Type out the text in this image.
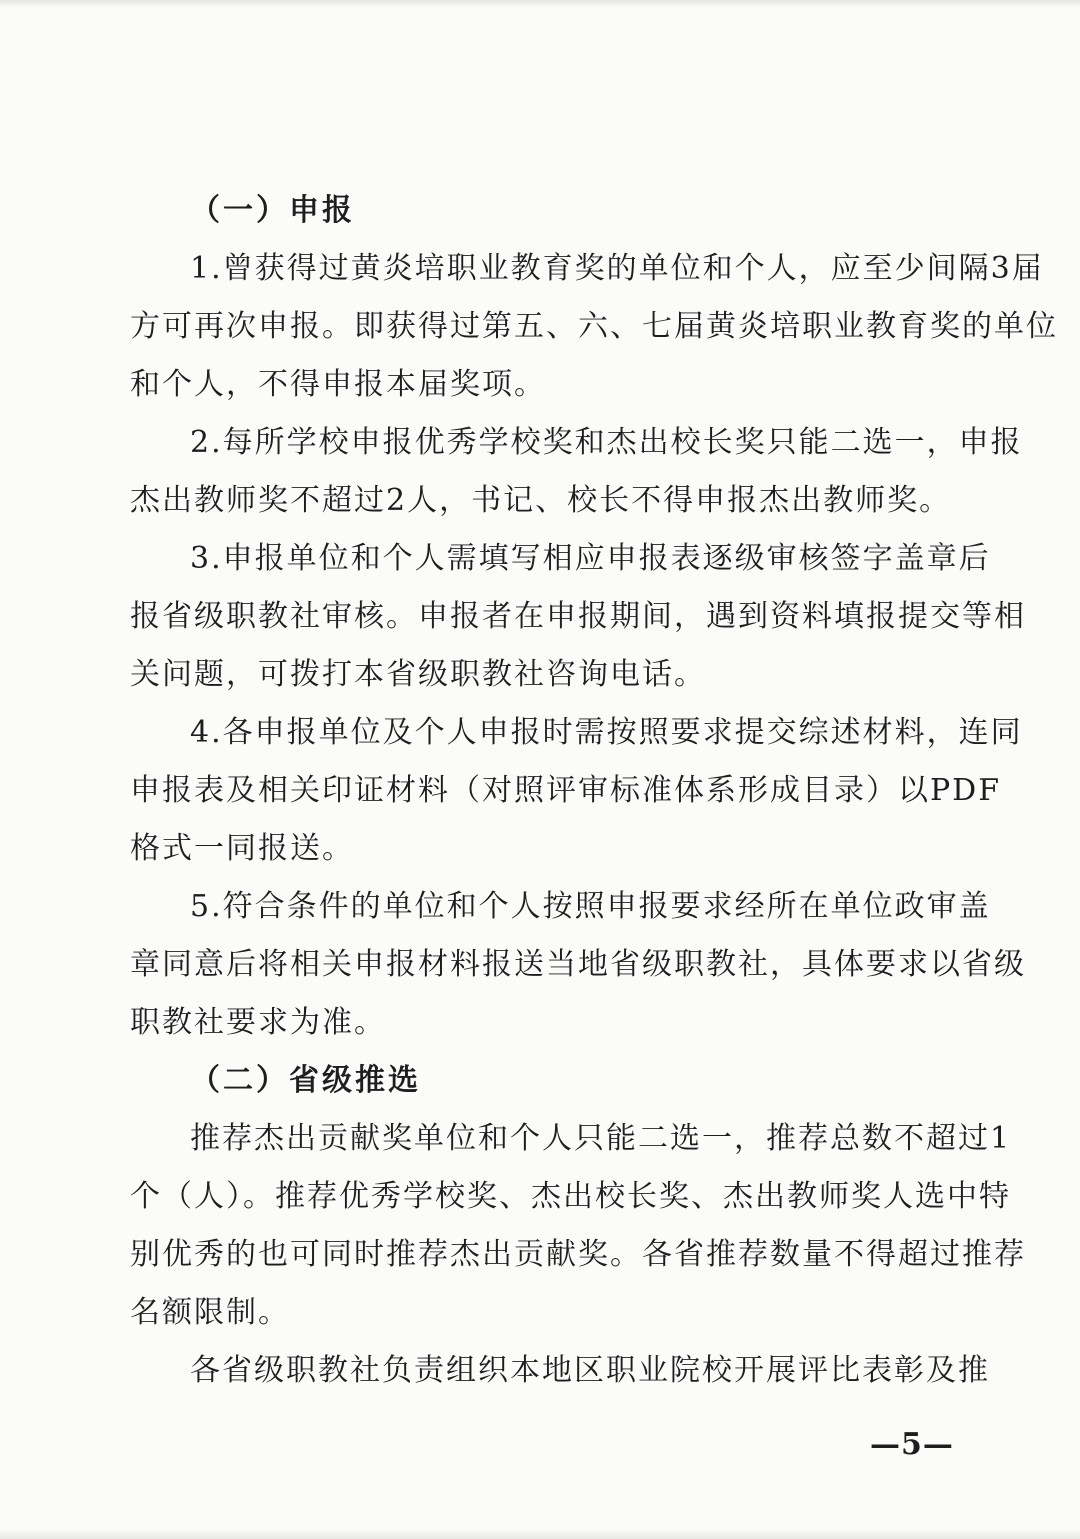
（一）申报
1.曾获得过黄炎培职业教育奖的单位和个人，应至少间隔3届
方可再次申报。即获得过第五、六、七届黄炎培职业教育奖的单位
和个人，不得申报本届奖项。
2.每所学校申报优秀学校奖和杰出校长奖只能二选一，申报
杰出教师奖不超过2人，书记、校长不得申报杰出教师奖。
3.申报单位和个人需填写相应申报表逐级审核签字盖章后
报省级职教社审核。申报者在申报期间，遇到资料填报提交等相
关问题，可拨打本省级职教社咨询电话。
4.各申报单位及个人申报时需按照要求提交综述材料，连同
申报表及相关印证材料（对照评审标准体系形成目录）以PDF
格式一同报送。
5.符合条件的单位和个人按照申报要求经所在单位政审盖
章同意后将相关申报材料报送当地省级职教社，具体要求以省级
职教社要求为准。
（二）省级推选
推荐杰出贡献奖单位和个人只能二选一，推荐总数不超过1
个（人）。推荐优秀学校奖、杰出校长奖、杰出教师奖人选中特
别优秀的也可同时推荐杰出贡献奖。各省推荐数量不得超过推荐
名额限制。
各省级职教社负责组织本地区职业院校开展评比表彰及推
—5—
